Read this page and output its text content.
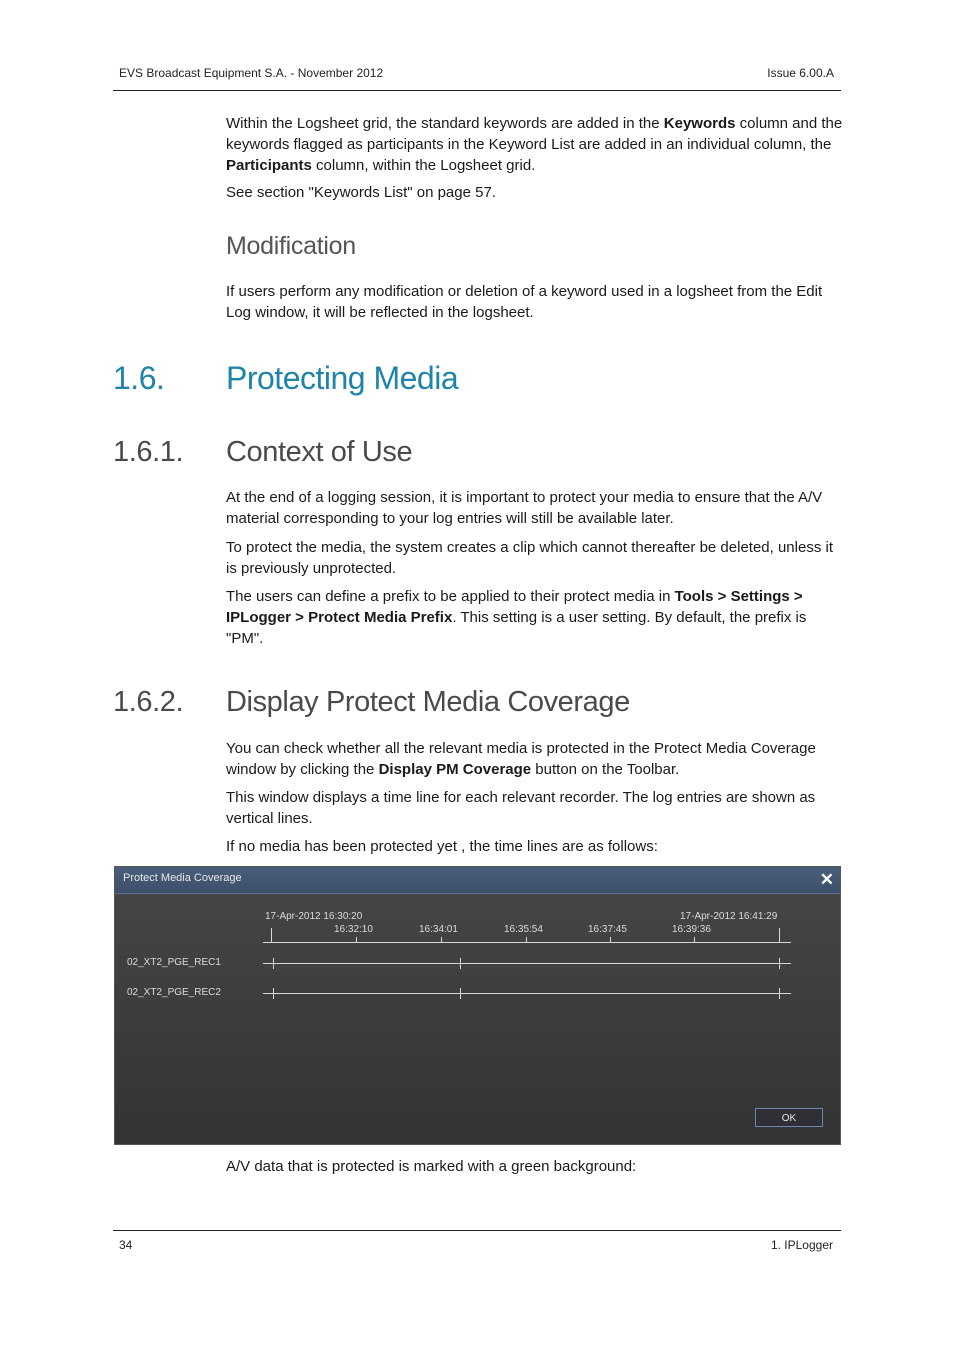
EVS Broadcast Equipment S.A. - November 2012	Issue 6.00.A
Within the Logsheet grid, the standard keywords are added in the Keywords column and the keywords flagged as participants in the Keyword List are added in an individual column, the Participants column, within the Logsheet grid.
See section "Keywords List" on page 57.
Modification
If users perform any modification or deletion of a keyword used in a logsheet from the Edit Log window, it will be reflected in the logsheet.
1.6. Protecting Media
1.6.1. Context of Use
At the end of a logging session, it is important to protect your media to ensure that the A/V material corresponding to your log entries will still be available later.
To protect the media, the system creates a clip which cannot thereafter be deleted, unless it is previously unprotected.
The users can define a prefix to be applied to their protect media in Tools > Settings > IPLogger > Protect Media Prefix. This setting is a user setting. By default, the prefix is "PM".
1.6.2. Display Protect Media Coverage
You can check whether all the relevant media is protected in the Protect Media Coverage window by clicking the Display PM Coverage button on the Toolbar.
This window displays a time line for each relevant recorder. The log entries are shown as vertical lines.
If no media has been protected yet , the time lines are as follows:
Protect Media Coverage	✕
17-Apr-2012 16:30:20	17-Apr-2012 16:41:29
16:32:10	16:34:01	16:35:54	16:37:45	16:39:36
02_XT2_PGE_REC1
02_XT2_PGE_REC2
OK
A/V data that is protected is marked with a green background:
34	1. IPLogger
